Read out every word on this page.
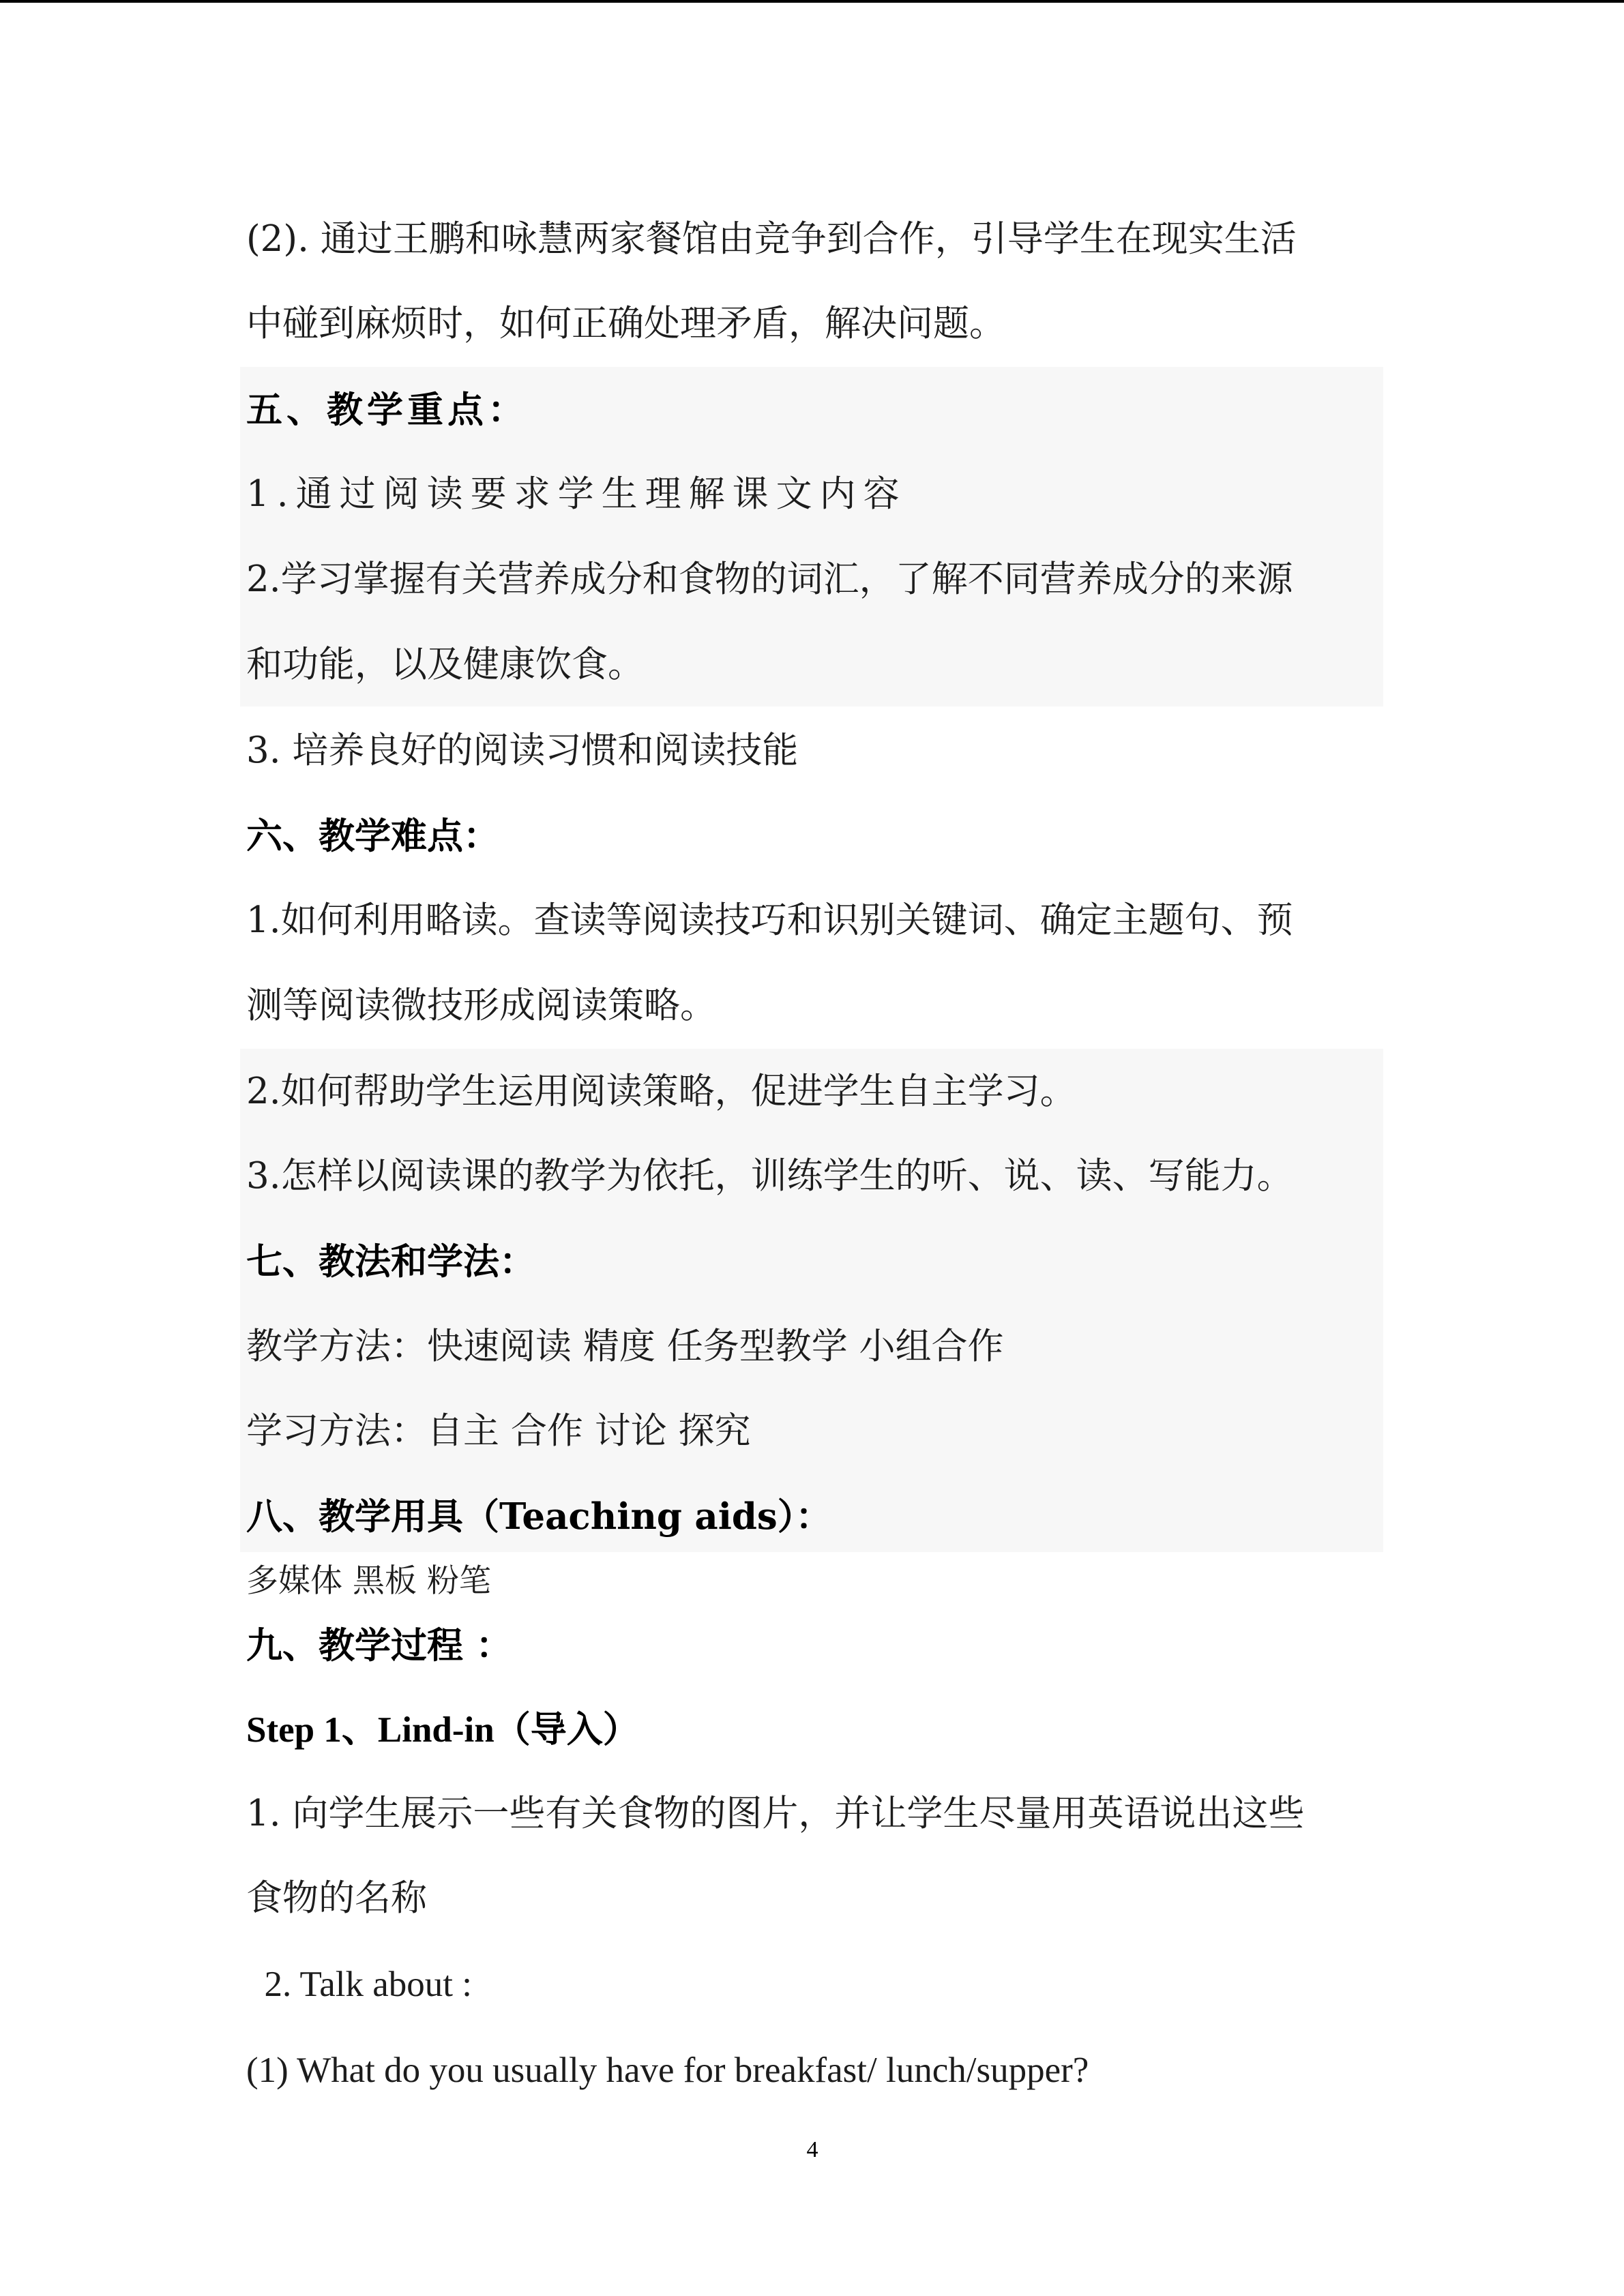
(2). 通过王鹏和咏慧两家餐馆由竞争到合作，引导学生在现实生活
中碰到麻烦时，如何正确处理矛盾，解决问题。
五、教学重点：
1.通过阅读要求学生理解课文内容
2.学习掌握有关营养成分和食物的词汇，了解不同营养成分的来源
和功能，以及健康饮食。
3. 培养良好的阅读习惯和阅读技能
六、教学难点：
1.如何利用略读。查读等阅读技巧和识别关键词、确定主题句、预
测等阅读微技形成阅读策略。
2.如何帮助学生运用阅读策略，促进学生自主学习。
3.怎样以阅读课的教学为依托，训练学生的听、说、读、写能力。
七、教法和学法：
教学方法：快速阅读 精度 任务型教学 小组合作
学习方法：自主 合作 讨论 探究
八、教学用具（Teaching aids）：
多媒体 黑板 粉笔
九、教学过程 ：
Step 1、Lind-in（导入）
1. 向学生展示一些有关食物的图片，并让学生尽量用英语说出这些
食物的名称
2. Talk about :
(1) What do you usually have for breakfast/ lunch/supper?
4
